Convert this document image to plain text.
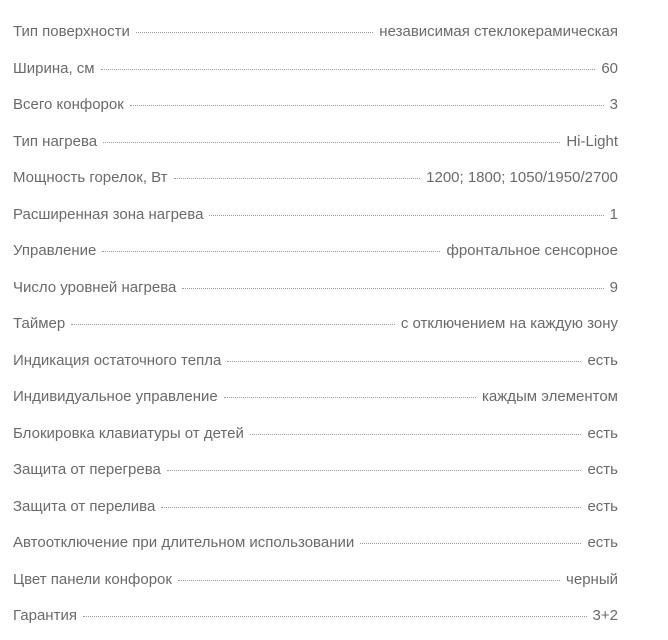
Тип поверхности	независимая стеклокерамическая
Ширина, см	60
Всего конфорок	3
Тип нагрева	Hi-Light
Мощность горелок, Вт	1200; 1800; 1050/1950/2700
Расширенная зона нагрева	1
Управление	фронтальное сенсорное
Число уровней нагрева	9
Таймер	с отключением на каждую зону
Индикация остаточного тепла	есть
Индивидуальное управление	каждым элементом
Блокировка клавиатуры от детей	есть
Защита от перегрева	есть
Защита от перелива	есть
Автоотключение при длительном использовании	есть
Цвет панели конфорок	черный
Гарантия	3+2
